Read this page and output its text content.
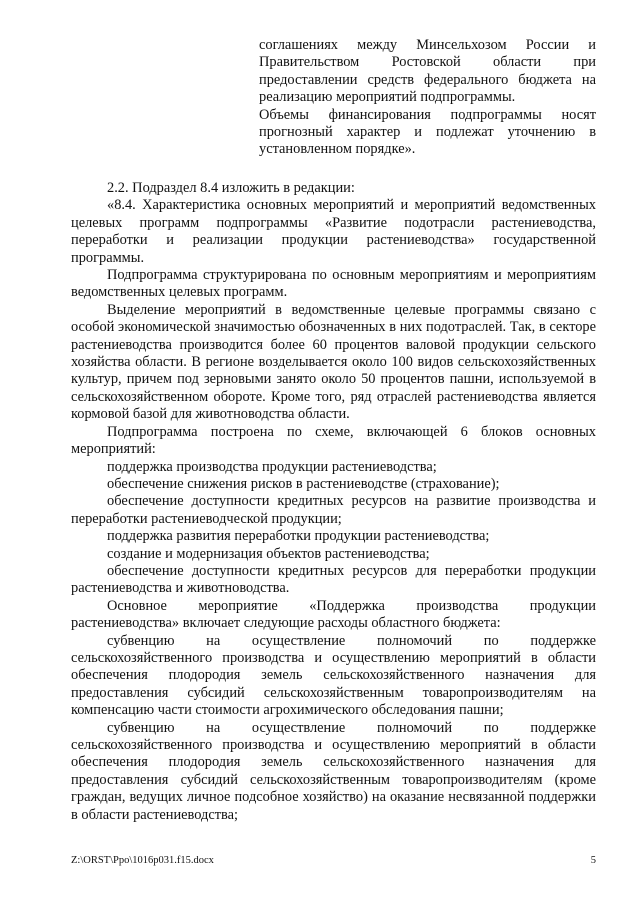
соглашениях между Минсельхозом России и Правительством Ростовской области при предоставлении средств федерального бюджета на реализацию мероприятий подпрограммы.

Объемы финансирования подпрограммы носят прогнозный характер и подлежат уточнению в установленном порядке».

2.2. Подраздел 8.4 изложить в редакции:

«8.4. Характеристика основных мероприятий и мероприятий ведомственных целевых программ подпрограммы «Развитие подотрасли растениеводства, переработки и реализации продукции растениеводства» государственной программы.

Подпрограмма структурирована по основным мероприятиям и мероприятиям ведомственных целевых программ.

Выделение мероприятий в ведомственные целевые программы связано с особой экономической значимостью обозначенных в них подотраслей. Так, в секторе растениеводства производится более 60 процентов валовой продукции сельского хозяйства области. В регионе возделывается около 100 видов сельскохозяйственных культур, причем под зерновыми занято около 50 процентов пашни, используемой в сельскохозяйственном обороте. Кроме того, ряд отраслей растениеводства является кормовой базой для животноводства области.

Подпрограмма построена по схеме, включающей 6 блоков основных мероприятий:

поддержка производства продукции растениеводства;

обеспечение снижения рисков в растениеводстве (страхование);

обеспечение доступности кредитных ресурсов на развитие производства и переработки растениеводческой продукции;

поддержка развития переработки продукции растениеводства;

создание и модернизация объектов растениеводства;

обеспечение доступности кредитных ресурсов для переработки продукции растениеводства и животноводства.

Основное мероприятие «Поддержка производства продукции растениеводства» включает следующие расходы областного бюджета:

субвенцию на осуществление полномочий по поддержке сельскохозяйственного производства и осуществлению мероприятий в области обеспечения плодородия земель сельскохозяйственного назначения для предоставления субсидий сельскохозяйственным товаропроизводителям на компенсацию части стоимости агрохимического обследования пашни;

субвенцию на осуществление полномочий по поддержке сельскохозяйственного производства и осуществлению мероприятий в области обеспечения плодородия земель сельскохозяйственного назначения для предоставления субсидий сельскохозяйственным товаропроизводителям (кроме граждан, ведущих личное подсобное хозяйство) на оказание несвязанной поддержки в области растениеводства;

Z:\ORST\Ppo\1016p031.f15.docx	5
